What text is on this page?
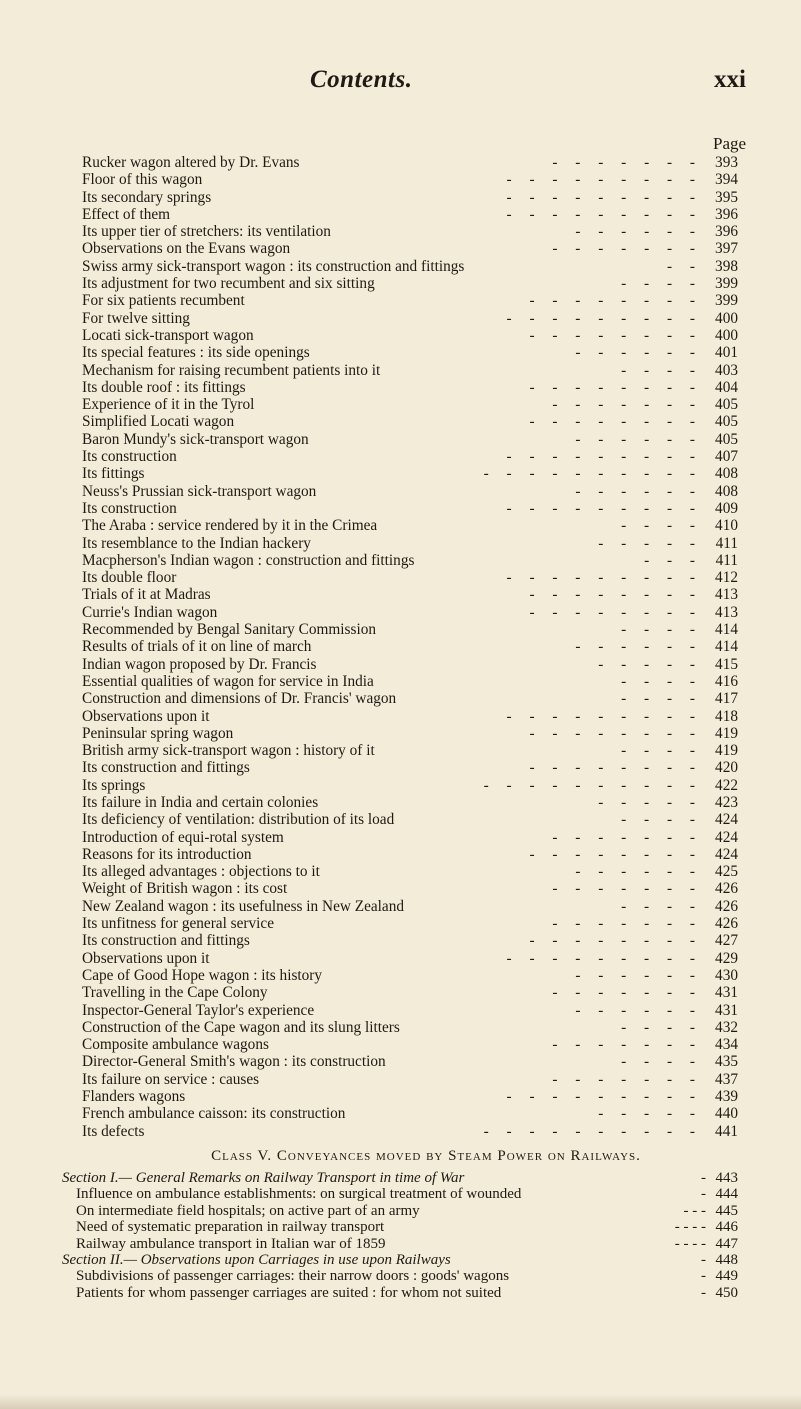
Contents.	xxi
Page
Rucker wagon altered by Dr. Evans	- - - - - - - 393
Floor of this wagon	- - - - - - - - - 394
Its secondary springs	- - - - - - - - - 395
Effect of them	- - - - - - - - - 396
Its upper tier of stretchers: its ventilation	- - - - - - 396
Observations on the Evans wagon	- - - - - - - 397
Swiss army sick-transport wagon : its construction and fittings	- - 398
Its adjustment for two recumbent and six sitting	- - - - 399
For six patients recumbent	- - - - - - - - 399
For twelve sitting	- - - - - - - - - 400
Locati sick-transport wagon	- - - - - - - - 400
Its special features : its side openings	- - - - - - 401
Mechanism for raising recumbent patients into it	- - - - 403
Its double roof : its fittings	- - - - - - - - 404
Experience of it in the Tyrol	- - - - - - - 405
Simplified Locati wagon	- - - - - - - - 405
Baron Mundy's sick-transport wagon	- - - - - - 405
Its construction	- - - - - - - - - 407
Its fittings	- - - - - - - - - - 408
Neuss's Prussian sick-transport wagon	- - - - - - 408
Its construction	- - - - - - - - - 409
The Araba : service rendered by it in the Crimea	- - - - 410
Its resemblance to the Indian hackery	- - - - - 411
Macpherson's Indian wagon : construction and fittings	- - - 411
Its double floor	- - - - - - - - - 412
Trials of it at Madras	- - - - - - - - 413
Currie's Indian wagon	- - - - - - - - 413
Recommended by Bengal Sanitary Commission	- - - - 414
Results of trials of it on line of march	- - - - - - 414
Indian wagon proposed by Dr. Francis	- - - - - 415
Essential qualities of wagon for service in India	- - - - 416
Construction and dimensions of Dr. Francis' wagon	- - - - 417
Observations upon it	- - - - - - - - - 418
Peninsular spring wagon	- - - - - - - - 419
British army sick-transport wagon : history of it	- - - - 419
Its construction and fittings	- - - - - - - - 420
Its springs	- - - - - - - - - - 422
Its failure in India and certain colonies	- - - - - 423
Its deficiency of ventilation: distribution of its load	- - - - 424
Introduction of equi-rotal system	- - - - - - - 424
Reasons for its introduction	- - - - - - - - 424
Its alleged advantages : objections to it	- - - - - - 425
Weight of British wagon : its cost	- - - - - - - 426
New Zealand wagon : its usefulness in New Zealand	- - - - 426
Its unfitness for general service	- - - - - - - 426
Its construction and fittings	- - - - - - - - 427
Observations upon it	- - - - - - - - - 429
Cape of Good Hope wagon : its history	- - - - - - 430
Travelling in the Cape Colony	- - - - - - - 431
Inspector-General Taylor's experience	- - - - - - 431
Construction of the Cape wagon and its slung litters	- - - - 432
Composite ambulance wagons	- - - - - - - 434
Director-General Smith's wagon : its construction	- - - - 435
Its failure on service : causes	- - - - - - - 437
Flanders wagons	- - - - - - - - - 439
French ambulance caisson: its construction	- - - - - 440
Its defects	- - - - - - - - - - 441
Class V. Conveyances moved by Steam Power on Railways.
Section I.— General Remarks on Railway Transport in time of War	- 443
Influence on ambulance establishments: on surgical treatment of wounded	- 444
On intermediate field hospitals; on active part of an army	- - - 445
Need of systematic preparation in railway transport	- - - - 446
Railway ambulance transport in Italian war of 1859	- - - - 447
Section II.— Observations upon Carriages in use upon Railways	- 448
Subdivisions of passenger carriages: their narrow doors : goods' wagons	- 449
Patients for whom passenger carriages are suited : for whom not suited	- 450
